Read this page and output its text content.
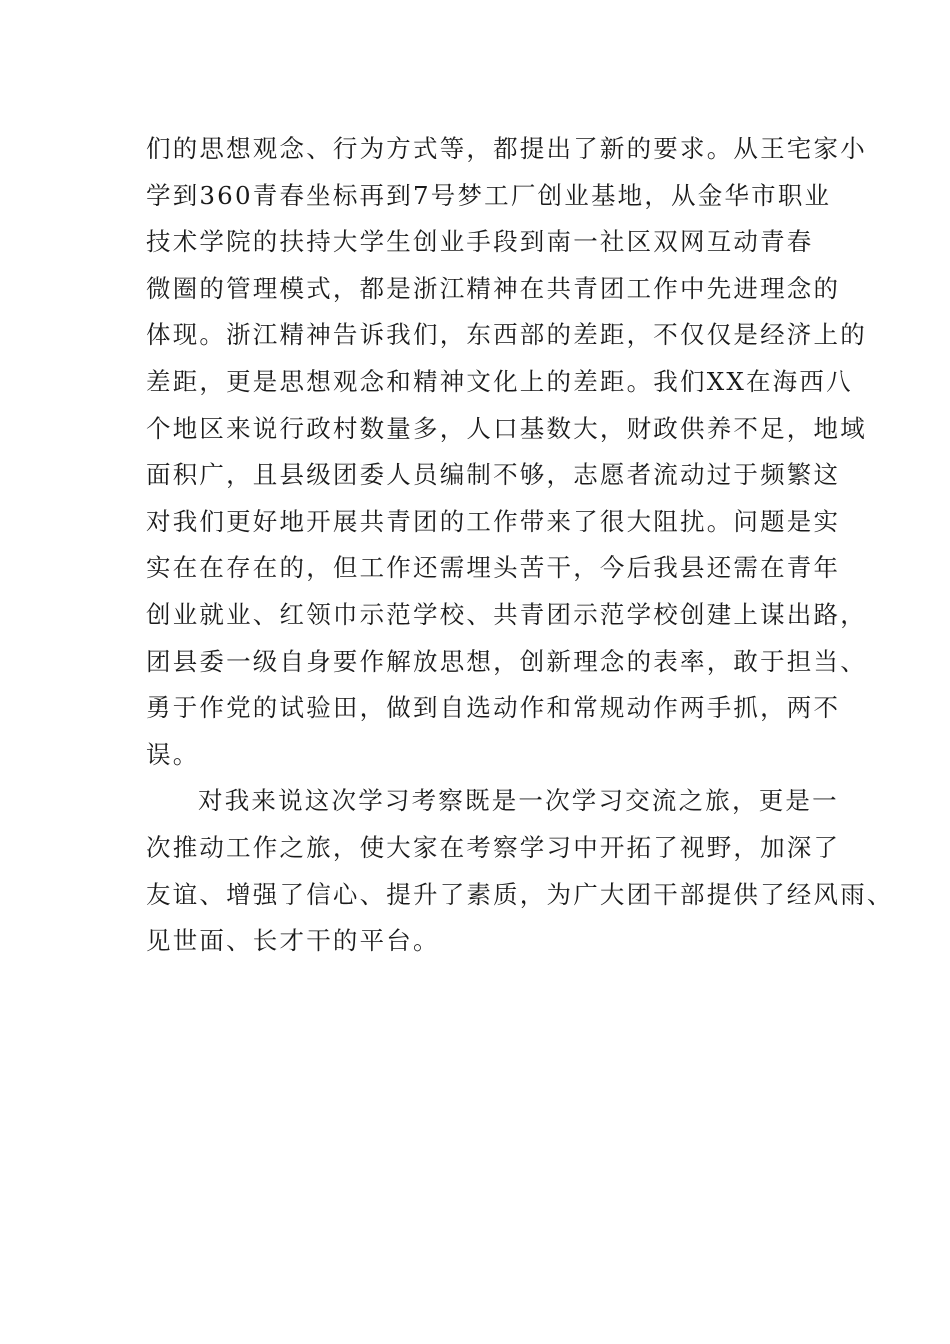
们的思想观念、行为方式等，都提出了新的要求。从王宅家小
学到360青春坐标再到7号梦工厂创业基地，从金华市职业
技术学院的扶持大学生创业手段到南一社区双网互动青春
微圈的管理模式，都是浙江精神在共青团工作中先进理念的
体现。浙江精神告诉我们，东西部的差距，不仅仅是经济上的
差距，更是思想观念和精神文化上的差距。我们XX在海西八
个地区来说行政村数量多，人口基数大，财政供养不足，地域
面积广，且县级团委人员编制不够，志愿者流动过于频繁这
对我们更好地开展共青团的工作带来了很大阻扰。问题是实
实在在存在的，但工作还需埋头苦干，今后我县还需在青年
创业就业、红领巾示范学校、共青团示范学校创建上谋出路，
团县委一级自身要作解放思想，创新理念的表率，敢于担当、
勇于作党的试验田，做到自选动作和常规动作两手抓，两不
误。
对我来说这次学习考察既是一次学习交流之旅，更是一
次推动工作之旅，使大家在考察学习中开拓了视野，加深了
友谊、增强了信心、提升了素质，为广大团干部提供了经风雨、
见世面、长才干的平台。
